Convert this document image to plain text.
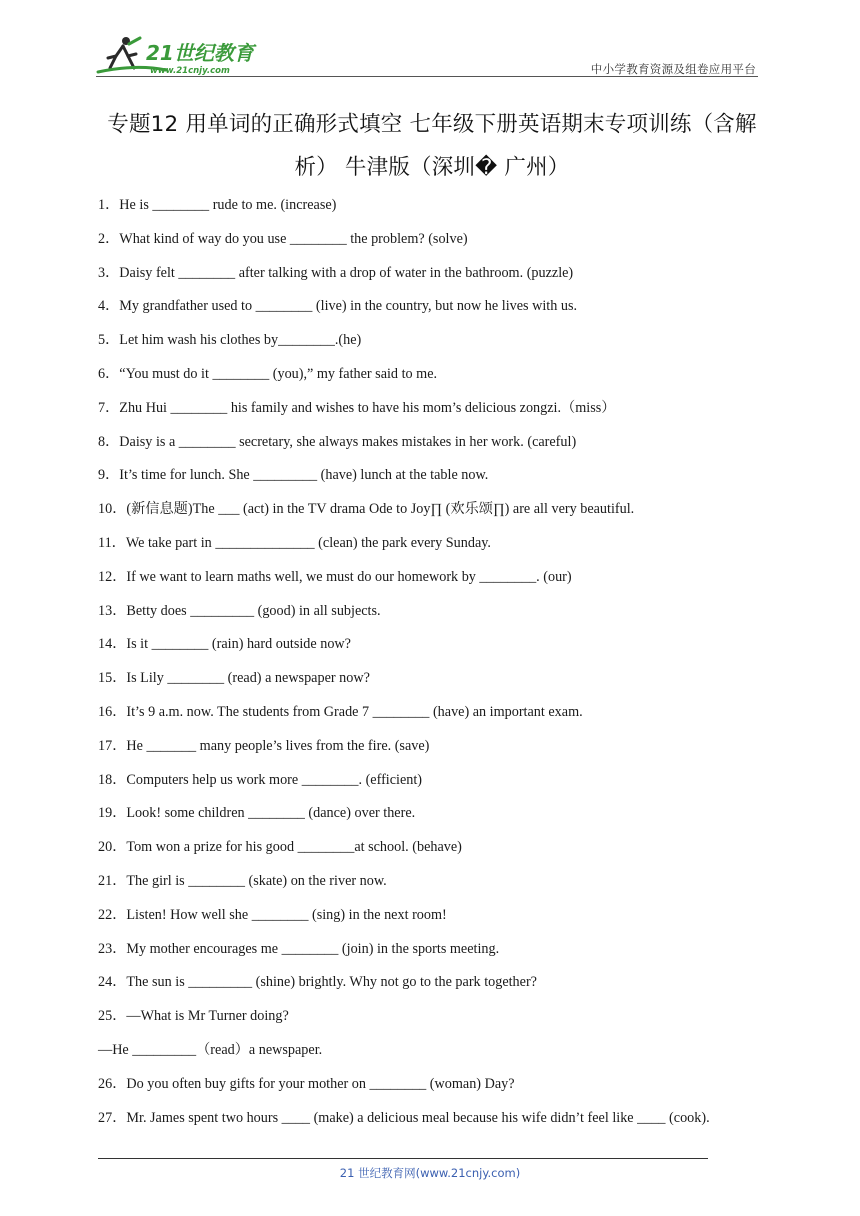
21世纪教育
www.21cnjy.com	中小学教育资源及组卷应用平台
专题12 用单词的正确形式填空 七年级下册英语期末专项训练（含解析） 牛津版（深圳� 广州）
1．He is ________ rude to me. (increase)
2．What kind of way do you use ________ the problem? (solve)
3．Daisy felt ________ after talking with a drop of water in the bathroom. (puzzle)
4．My grandfather used to ________ (live) in the country, but now he lives with us.
5．Let him wash his clothes by________.(he)
6．“You must do it ________ (you),” my father said to me.
7．Zhu Hui ________ his family and wishes to have his mom’s delicious zongzi.（miss）
8．Daisy is a ________ secretary, she always makes mistakes in her work. (careful)
9．It’s time for lunch. She _________ (have) lunch at the table now.
10．(新信息题)The ___ (act) in the TV drama Ode to Joy∏ (欢乐颂∏) are all very beautiful.
11．We take part in ______________ (clean) the park every Sunday.
12．If we want to learn maths well, we must do our homework by ________. (our)
13．Betty does _________ (good) in all subjects.
14．Is it ________ (rain) hard outside now?
15．Is Lily ________ (read) a newspaper now?
16．It’s 9 a.m. now. The students from Grade 7 ________ (have) an important exam.
17．He _______ many people’s lives from the fire. (save)
18．Computers help us work more ________. (efficient)
19．Look! some children ________ (dance) over there.
20．Tom won a prize for his good ________at school. (behave)
21．The girl is ________ (skate) on the river now.
22．Listen! How well she ________ (sing) in the next room!
23．My mother encourages me ________ (join) in the sports meeting.
24．The sun is _________ (shine) brightly. Why not go to the park together?
25．—What is Mr Turner doing?
—He _________（read）a newspaper.
26．Do you often buy gifts for your mother on ________ (woman) Day?
27．Mr. James spent two hours ____ (make) a delicious meal because his wife didn’t feel like ____ (cook).
21 世纪教育网(www.21cnjy.com)
